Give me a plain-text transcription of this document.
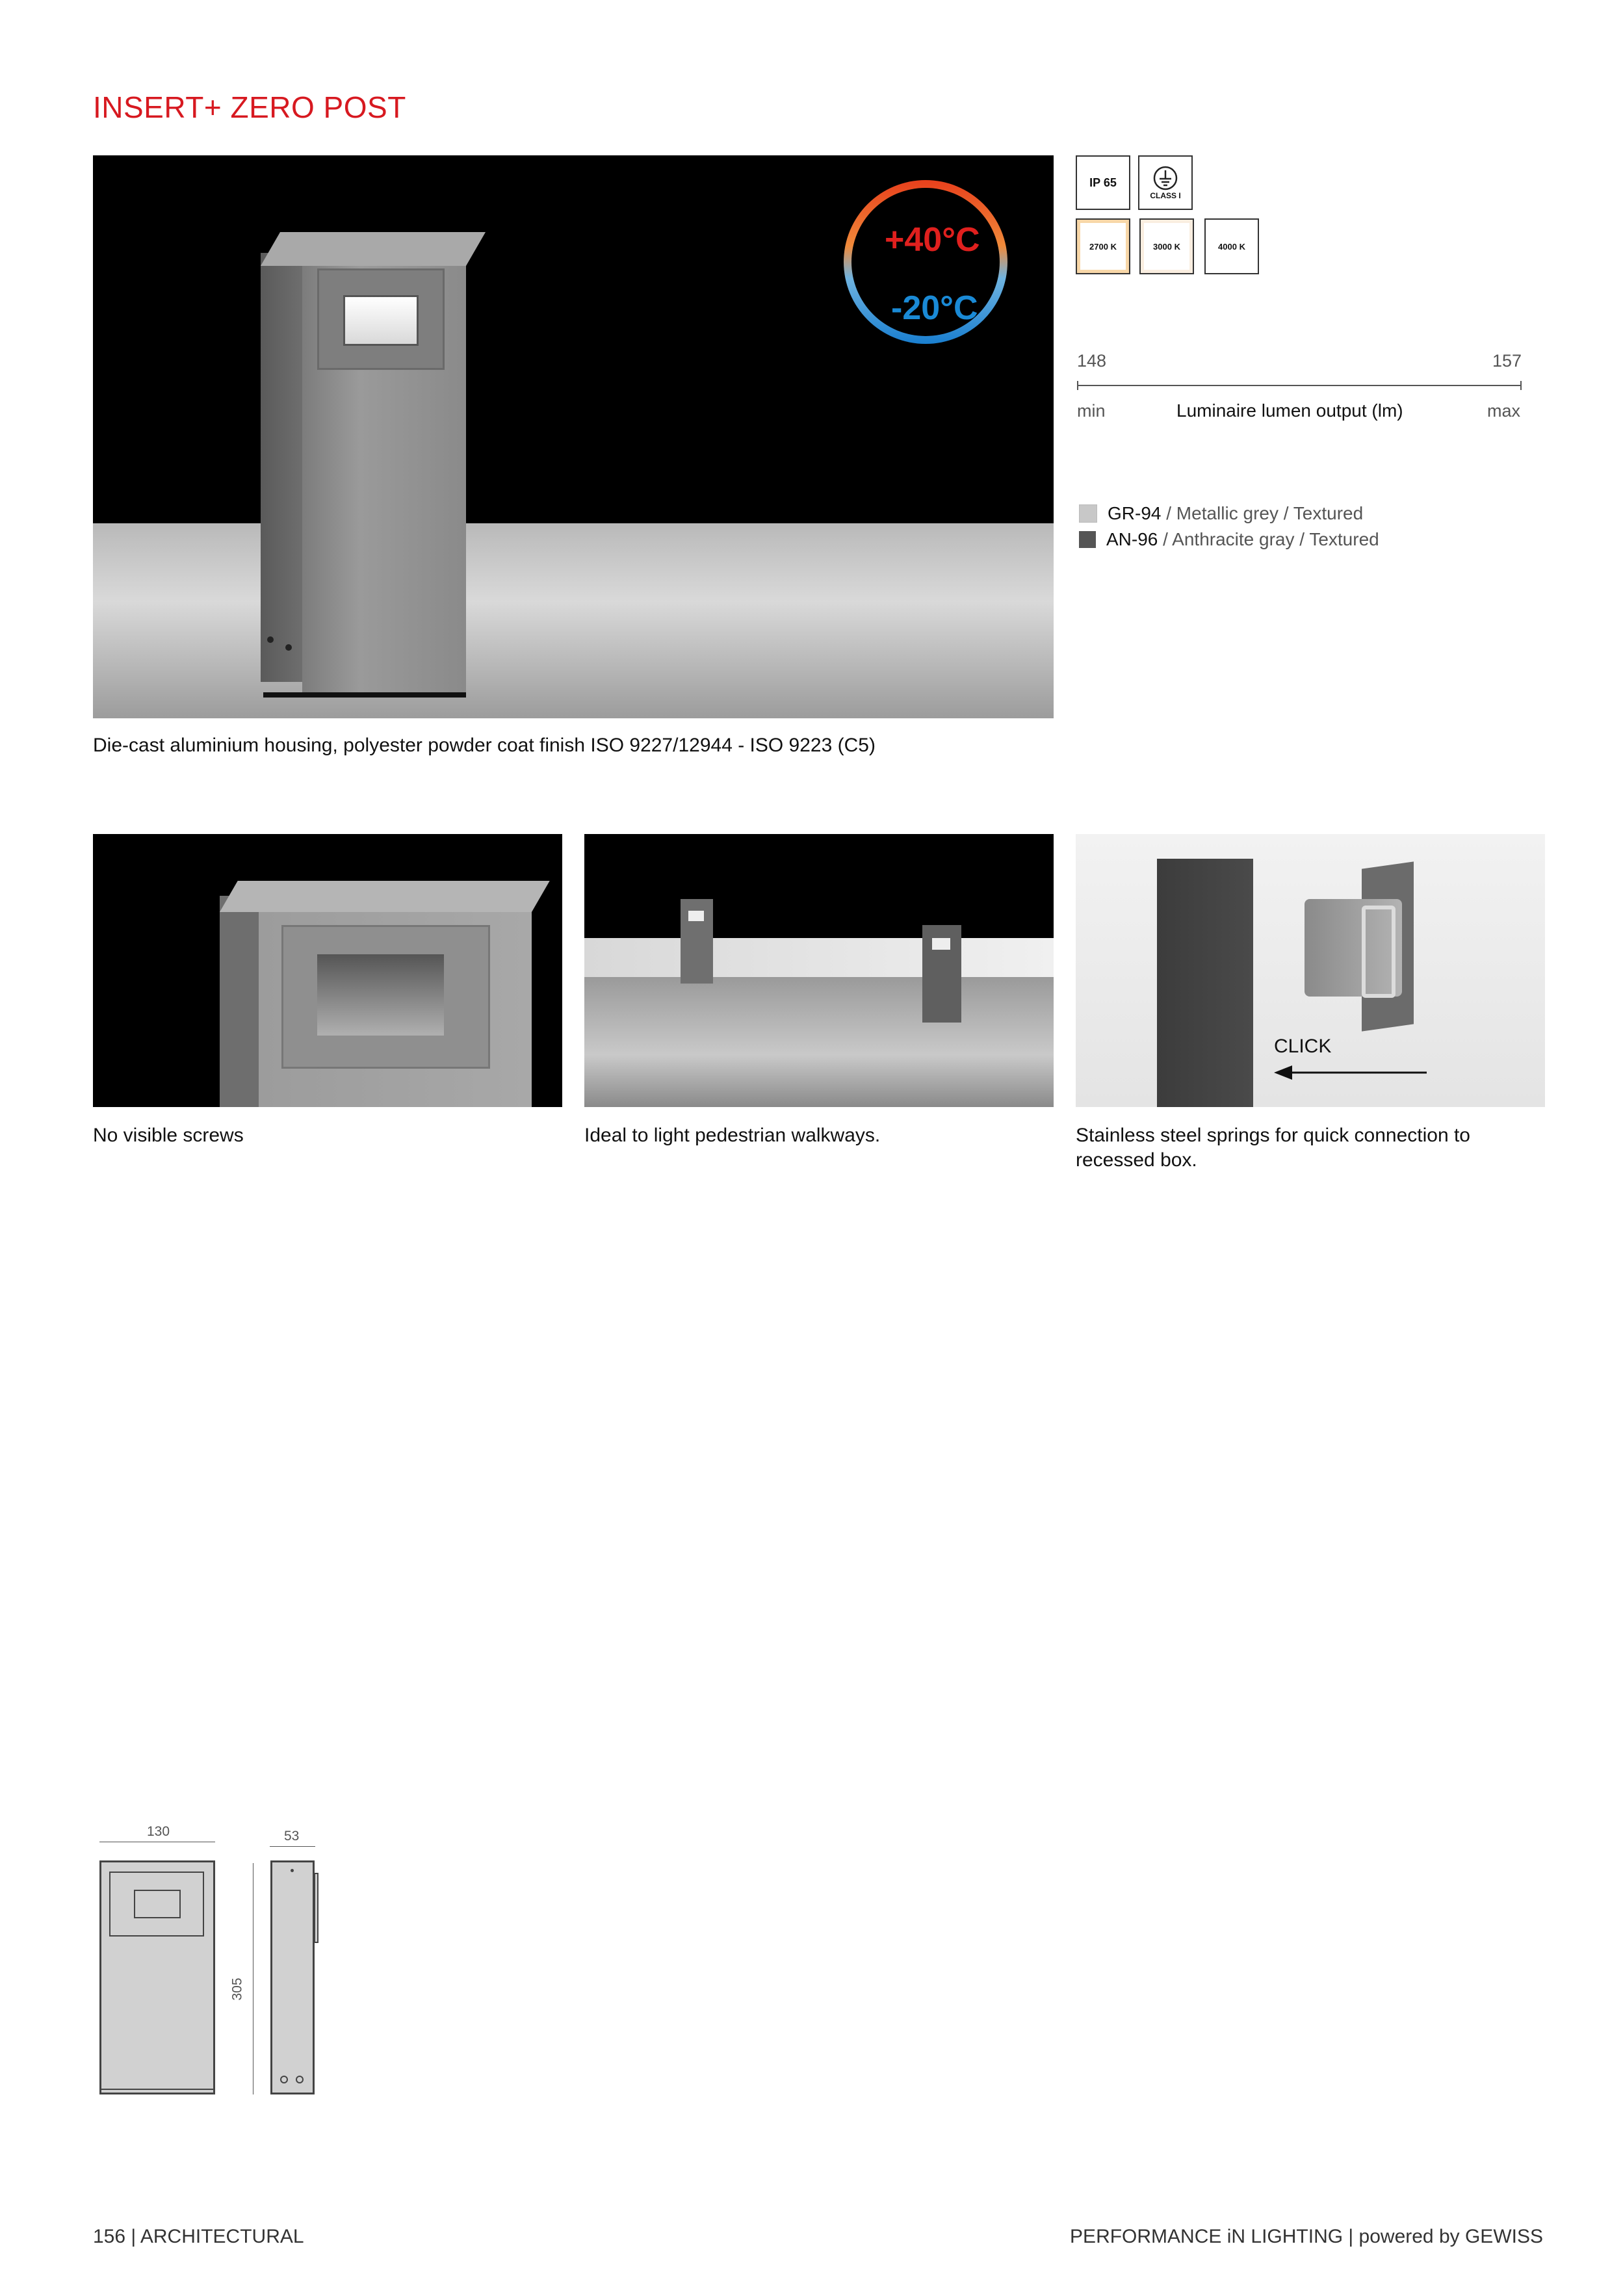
INSERT+ ZERO POST
+40°C
-20°C
Die-cast aluminium housing, polyester powder coat finish ISO 9227/12944 - ISO 9223 (C5)
IP 65
CLASS I
2700 K	3000 K	4000 K
148	157
min	Luminaire lumen output (lm)	max
GR-94 / Metallic grey / Textured
AN-96 / Anthracite gray / Textured
No visible screws	Ideal to light pedestrian walkways.
CLICK
Stainless steel springs for quick connection to recessed box.
130	53
305
156 | ARCHITECTURAL	PERFORMANCE iN LIGHTING | powered by GEWISS
